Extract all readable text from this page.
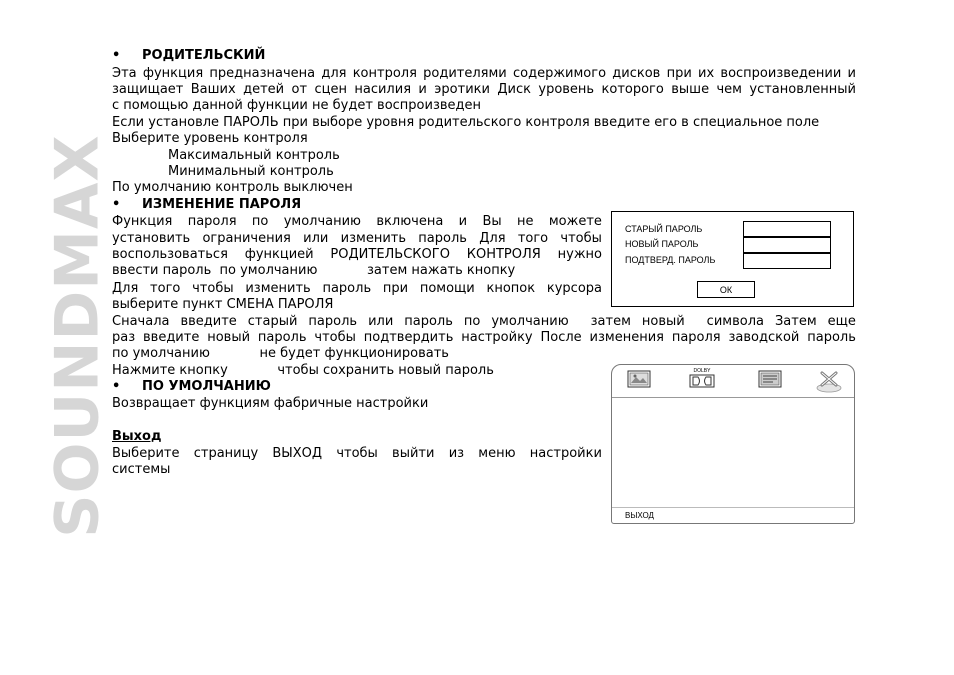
SOUNDMAX

• РОДИТЕЛЬСКИЙ

Эта функция предназначена для контроля родителями содержимого дисков при их воспроизведении и

защищает Ваших детей от сцен насилия и эротики Диск уровень которого выше чем установленный

с помощью данной функции не будет воспроизведен

Если установле ПАРОЛЬ при выборе уровня родительского контроля введите его в специальное поле

Выберите уровень контроля

Максимальный контроль

Минимальный контроль

По умолчанию контроль выключен

• ИЗМЕНЕНИЕ ПАРОЛЯ

Функция пароля по умолчанию включена и Вы не можете

установить ограничения или изменить пароль Для того чтобы

воспользоваться функцией РОДИТЕЛЬСКОГО КОНТРОЛЯ нужно

ввести пароль  по умолчанию            затем нажать кнопку

Для того чтобы изменить пароль при помощи кнопок курсора

выберите пункт СМЕНА ПАРОЛЯ

Сначала введите старый пароль или пароль по умолчанию затем новый символа Затем еще

раз введите новый пароль чтобы подтвердить настройку После изменения пароля заводской пароль

по умолчанию            не будет функционировать

Нажмите кнопку            чтобы сохранить новый пароль

• ПО УМОЛЧАНИЮ

Возвращает функциям фабричные настройки

Выход

Выберите страницу ВЫХОД чтобы выйти из меню настройки

системы

СТАРЫЙ ПАРОЛЬ
НОВЫЙ ПАРОЛЬ
ПОДТВЕРД. ПАРОЛЬ
ОК
DOLBY
ВЫХОД
